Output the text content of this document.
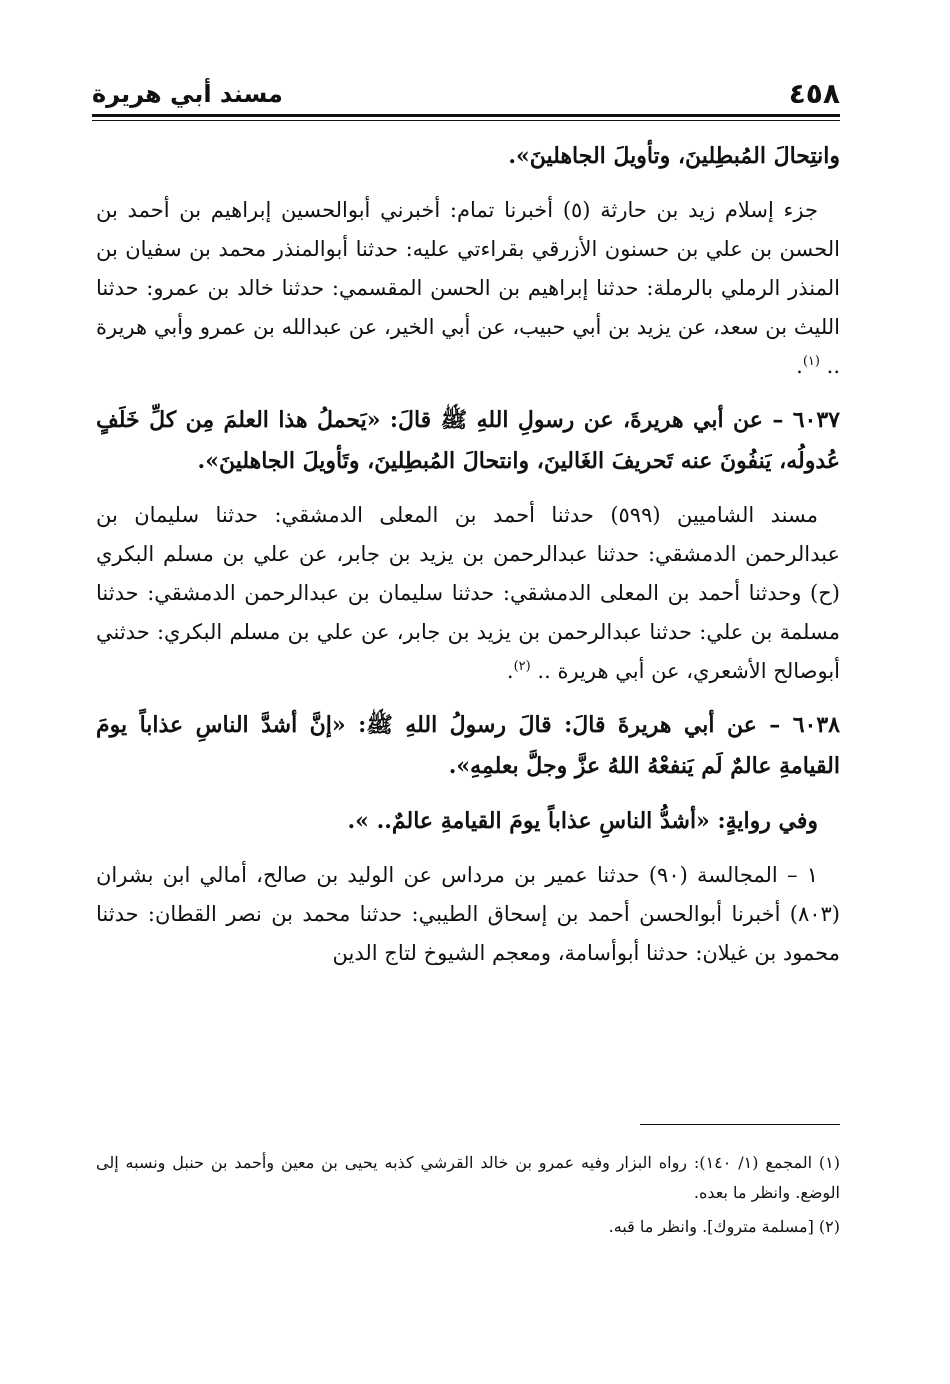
٤٥٨
مسند أبي هريرة

وانتِحالَ المُبطِلينَ، وتأويلَ الجاهلينَ».

جزء إسلام زيد بن حارثة (٥) أخبرنا تمام: أخبرني أبوالحسين إبراهيم بن أحمد بن الحسن بن علي بن حسنون الأزرقي بقراءتي عليه: حدثنا أبوالمنذر محمد بن سفيان بن المنذر الرملي بالرملة: حدثنا إبراهيم بن الحسن المقسمي: حدثنا خالد بن عمرو: حدثنا الليث بن سعد، عن يزيد بن أبي حبيب، عن أبي الخير، عن عبدالله بن عمرو وأبي هريرة .. $^{(١)}$.

٦٠٣٧ – عن أبي هريرةَ، عن رسولِ اللهِ ﷺ قالَ: «يَحملُ هذا العلمَ مِن كلِّ خَلَفٍ عُدولُه، يَنفُونَ عنه تَحريفَ الغَالينَ، وانتحالَ المُبطِلينَ، وتَأويلَ الجاهلينَ».

مسند الشاميين (٥٩٩) حدثنا أحمد بن المعلى الدمشقي: حدثنا سليمان بن عبدالرحمن الدمشقي: حدثنا عبدالرحمن بن يزيد بن جابر، عن علي بن مسلم البكري (ح) وحدثنا أحمد بن المعلى الدمشقي: حدثنا سليمان بن عبدالرحمن الدمشقي: حدثنا مسلمة بن علي: حدثنا عبدالرحمن بن يزيد بن جابر، عن علي بن مسلم البكري: حدثني أبوصالح الأشعري، عن أبي هريرة .. $^{(٢)}$.

٦٠٣٨ – عن أبي هريرةَ قالَ: قالَ رسولُ اللهِ ﷺ: «إنَّ أشدَّ الناسِ عذاباً يومَ القيامةِ عالمٌ لَم يَنفعْهُ اللهُ عزَّ وجلَّ بعلمِهِ».

وفي روايةٍ: «أشدُّ الناسِ عذاباً يومَ القيامةِ عالمٌ.. ».

١ – المجالسة (٩٠) حدثنا عمير بن مرداس عن الوليد بن صالح، أمالي ابن بشران (٨٠٣) أخبرنا أبوالحسن أحمد بن إسحاق الطيبي: حدثنا محمد بن نصر القطان: حدثنا محمود بن غيلان: حدثنا أبوأسامة، ومعجم الشيوخ لتاج الدين

(١) المجمع (١/ ١٤٠): رواه البزار وفيه عمرو بن خالد القرشي كذبه يحيى بن معين وأحمد بن حنبل ونسبه إلى الوضع. وانظر ما بعده.

(٢) [مسلمة متروك]. وانظر ما قبه.
